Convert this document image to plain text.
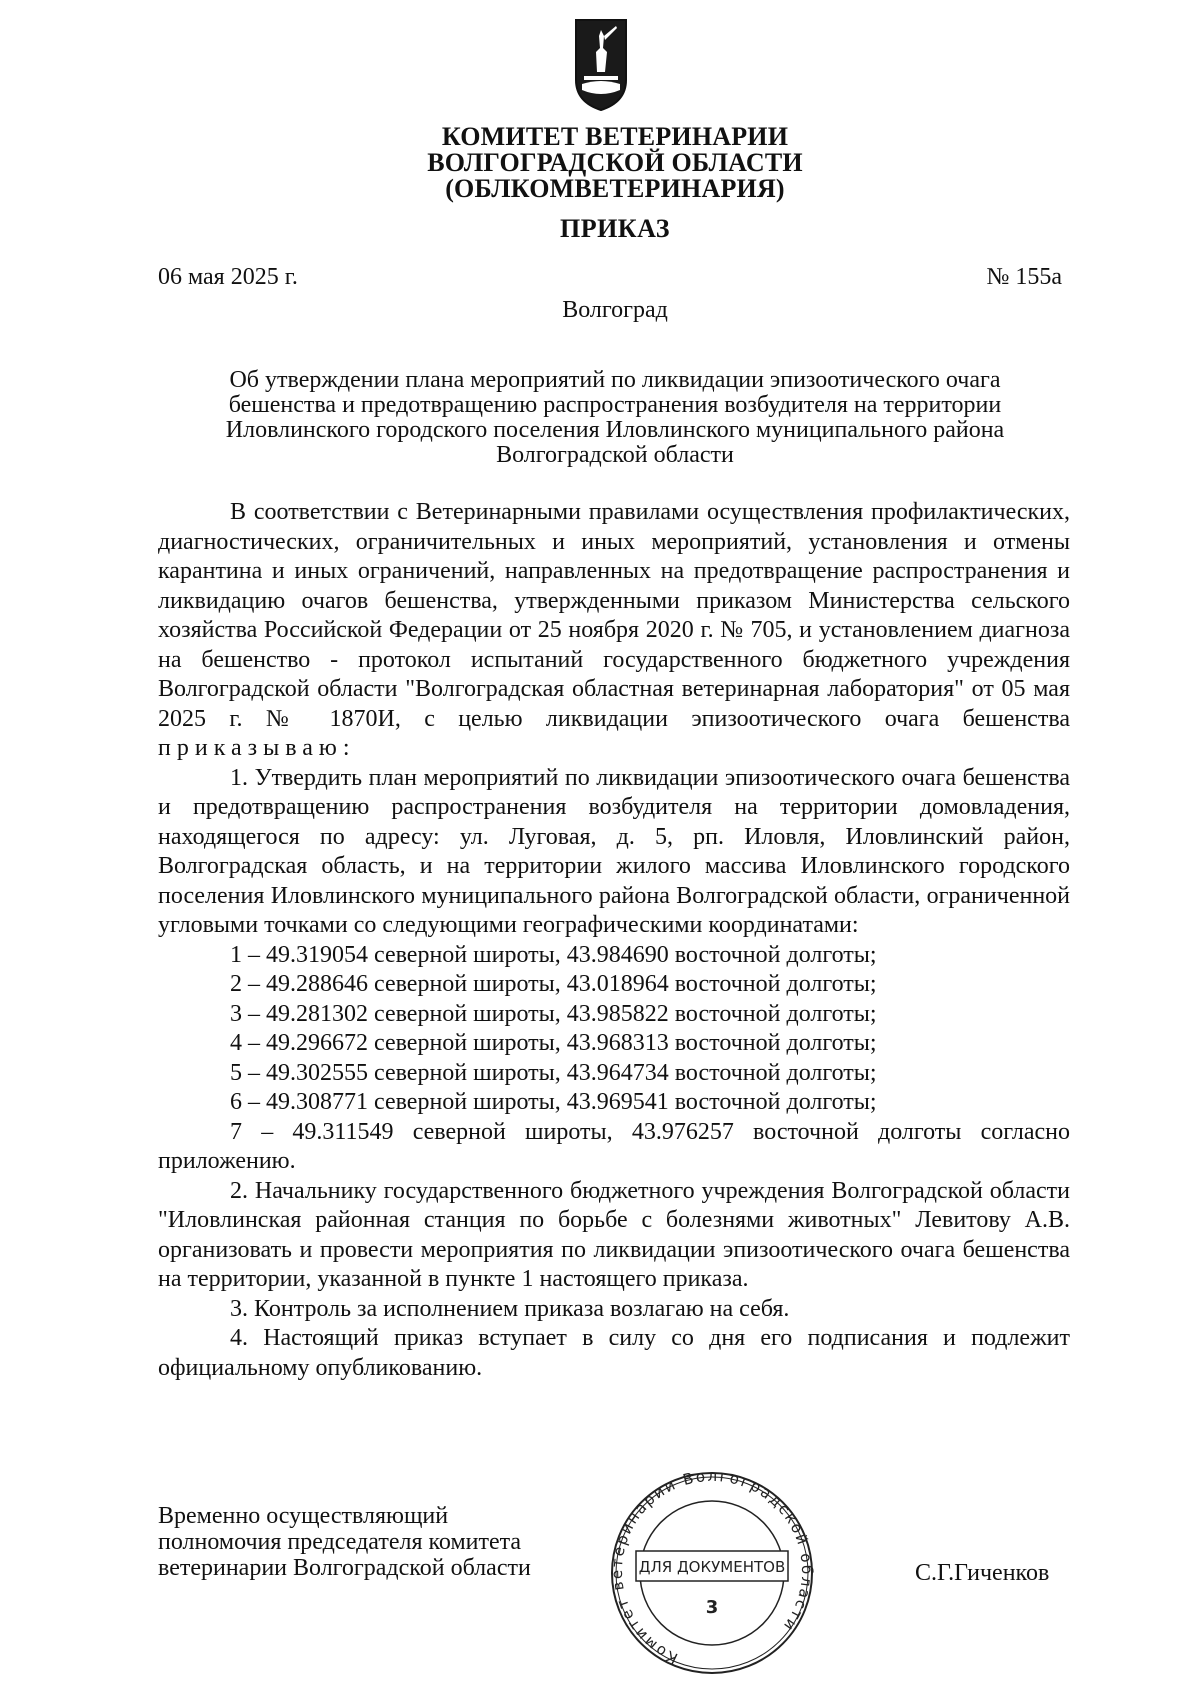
КОМИТЕТ ВЕТЕРИНАРИИ
ВОЛГОГРАДСКОЙ ОБЛАСТИ
(ОБЛКОМВЕТЕРИНАРИЯ)
ПРИКАЗ
06 мая 2025 г.	№ 155а
Волгоград
Об утверждении плана мероприятий по ликвидации эпизоотического очага
бешенства и предотвращению распространения возбудителя на территории
Иловлинского городского поселения Иловлинского муниципального района
Волгоградской области

В соответствии с Ветеринарными правилами осуществления профилактических, диагностических, ограничительных и иных мероприятий, установления и отмены карантина и иных ограничений, направленных на предотвращение распространения и ликвидацию очагов бешенства, утвержденными приказом Министерства сельского хозяйства Российской Федерации от 25 ноября 2020 г. № 705, и установлением диагноза на бешенство - протокол испытаний государственного бюджетного учреждения Волгоградской области "Волгоградская областная ветеринарная лаборатория" от 05 мая 2025 г. № 1870И, с целью ликвидации эпизоотического очага бешенства

приказываю:

1. Утвердить план мероприятий по ликвидации эпизоотического очага бешенства и предотвращению распространения возбудителя на территории домовладения, находящегося по адресу: ул. Луговая, д. 5, рп. Иловля, Иловлинский район, Волгоградская область, и на территории жилого массива Иловлинского городского поселения Иловлинского муниципального района Волгоградской области, ограниченной угловыми точками со следующими географическими координатами:

1 – 49.319054 северной широты, 43.984690 восточной долготы;

2 – 49.288646 северной широты, 43.018964 восточной долготы;

3 – 49.281302 северной широты, 43.985822 восточной долготы;

4 – 49.296672 северной широты, 43.968313 восточной долготы;

5 – 49.302555 северной широты, 43.964734 восточной долготы;

6 – 49.308771 северной широты, 43.969541 восточной долготы;

7 – 49.311549 северной широты, 43.976257 восточной долготы согласно приложению.

2. Начальнику государственного бюджетного учреждения Волгоградской области "Иловлинская районная станция по борьбе с болезнями животных" Левитову А.В. организовать и провести мероприятия по ликвидации эпизоотического очага бешенства на территории, указанной в пункте 1 настоящего приказа.

3. Контроль за исполнением приказа возлагаю на себя.

4. Настоящий приказ вступает в силу со дня его подписания и подлежит официальному опубликованию.

Временно осуществляющий
полномочия председателя комитета
ветеринарии Волгоградской области
Комитет ветеринарии Волгоградской области
ДЛЯ ДОКУМЕНТОВ
3
С.Г.Гиченков
